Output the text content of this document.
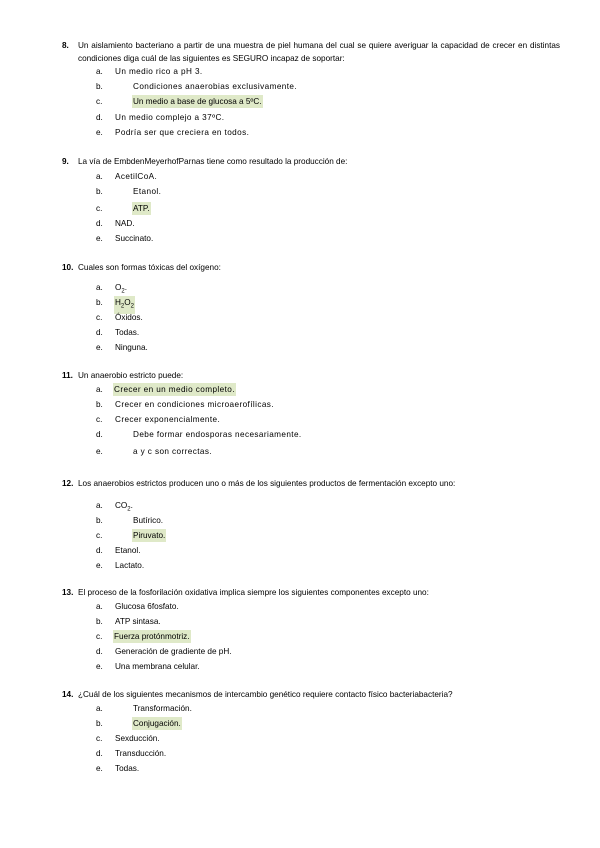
8. Un aislamiento bacteriano a partir de una muestra de piel humana del cual se quiere averiguar la capacidad de crecer en distintas condiciones diga cuál de las siguientes es SEGURO incapaz de soportar:
a. Un medio rico a pH 3.
b.	Condiciones anaerobias exclusivamente.
c.	Un medio a base de glucosa a 5ºC.
d. Un medio complejo a 37ºC.
e. Podría ser que creciera en todos.
9. La vía de EmbdenMeyerhofParnas tiene como resultado la producción de:
a. AcetilCoA.
b.	Etanol.
c.	ATP.
d. NAD.
e. Succinato.
10. Cuales son formas tóxicas del oxígeno:
a. $O_2$.
b. $H_2O_2$
c. Óxidos.
d. Todas.
e. Ninguna.
11. Un anaerobio estricto puede:
a. Crecer en un medio completo.
b. Crecer en condiciones microaerofílicas.
c. Crecer exponencialmente.
d.	Debe formar endosporas necesariamente.
e.	a y c son correctas.
12. Los anaerobios estrictos producen uno o más de los siguientes productos de fermentación excepto uno:
a. $CO_2$.
b.	Butírico.
c.	Piruvato.
d. Etanol.
e. Lactato.
13. El proceso de la fosforilación oxidativa implica siempre los siguientes componentes excepto uno:
a. Glucosa 6fosfato.
b. ATP sintasa.
c. Fuerza protónmotriz.
d. Generación de gradiente de pH.
e. Una membrana celular.
14. ¿Cuál de los siguientes mecanismos de intercambio genético requiere contacto físico bacteriabacteria?
a.	Transformación.
b.	Conjugación.
c. Sexducción.
d. Transducción.
e. Todas.
